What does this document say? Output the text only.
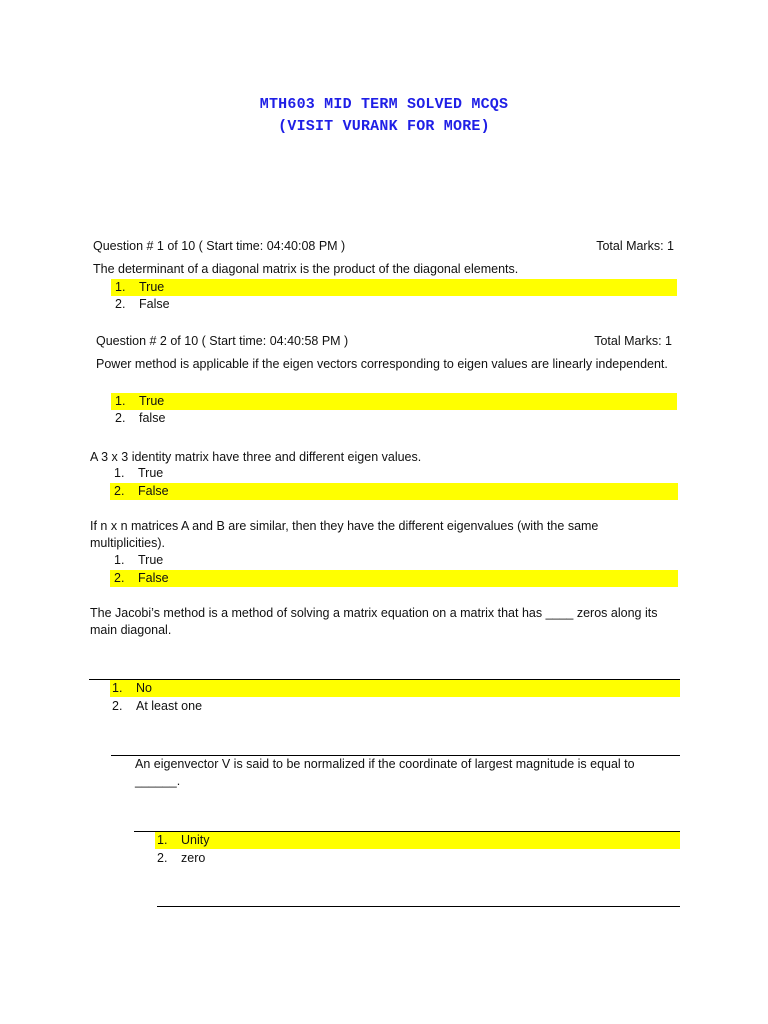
MTH603 MID TERM SOLVED MCQS
(VISIT VURANK FOR MORE)
Question # 1 of 10 ( Start time: 04:40:08 PM )	Total Marks: 1
The determinant of a diagonal matrix is the product of the diagonal elements.
1. True
2. False
Question # 2 of 10 ( Start time: 04:40:58 PM )	Total Marks: 1
Power method is applicable if the eigen vectors corresponding to eigen values are linearly independent.
1. True
2. false
A 3 x 3 identity matrix have three and different eigen values.
1. True
2. False
If n x n matrices A and B are similar, then they have the different eigenvalues (with the same multiplicities).
1. True
2. False
The Jacobi’s method is a method of solving a matrix equation on a matrix that has ____ zeros along its main diagonal.
1. No
2. At least one
An eigenvector V is said to be normalized if the coordinate of largest magnitude is equal to ______.
1. Unity
2. zero
